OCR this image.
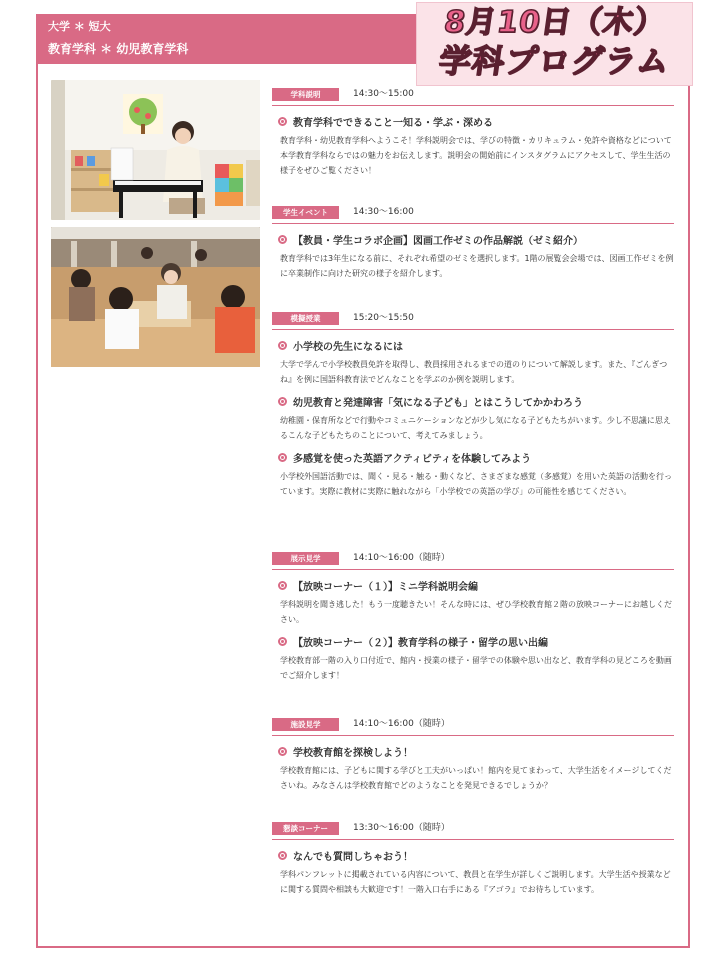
大学 ＊ 短大
教育学科 ＊ 幼児教育学科
8月10日（木）
学科プログラム
学科説明	14:30〜15:00
教育学科でできること一知る・学ぶ・深める
教育学科・幼児教育学科へようこそ！学科説明会では、学びの特徴・カリキュラム・免許や資格などについて本学教育学科ならではの魅力をお伝えします。説明会の開始前にインスタグラムにアクセスして、学生生活の様子をぜひご覧ください！
学生イベント	14:30〜16:00
【教員・学生コラボ企画】図画工作ゼミの作品解説（ゼミ紹介）
教育学科では3年生になる前に、それぞれ希望のゼミを選択します。1階の展覧会会場では、図画工作ゼミを例に卒業制作に向けた研究の様子を紹介します。
模擬授業	15:20〜15:50
小学校の先生になるには
大学で学んで小学校教員免許を取得し、教員採用されるまでの道のりについて解説します。また、『ごんぎつね』を例に国語科教育法でどんなことを学ぶのか例を説明します。
幼児教育と発達障害「気になる子ども」とはこうしてかかわろう
幼稚園・保育所などで行動やコミュニケーションなどが少し気になる子どもたちがいます。少し不思議に思えるこんな子どもたちのことについて、考えてみましょう。
多感覚を使った英語アクティビティを体験してみよう
小学校外国語活動では、聞く・見る・触る・動くなど、さまざまな感覚（多感覚）を用いた英語の活動を行っています。実際に教材に実際に触れながら「小学校での英語の学び」の可能性を感じてください。
展示見学	14:10〜16:00（随時）
【放映コーナー（１）】ミニ学科説明会編
学科説明を聞き逃した！もう一度聴きたい！そんな時には、ぜひ学校教育館２階の放映コーナーにお越しください。
【放映コーナー（２）】教育学科の様子・留学の思い出編
学校教育部一階の入り口付近で、館内・授業の様子・留学での体験や思い出など、教育学科の見どころを動画でご紹介します！
施設見学	14:10〜16:00（随時）
学校教育館を探検しよう！
学校教育館には、子どもに関する学びと工夫がいっぱい！館内を見てまわって、大学生活をイメージしてくださいね。みなさんは学校教育館でどのようなことを発見できるでしょうか？
懇談コーナー	13:30〜16:00（随時）
なんでも質問しちゃおう！
学科パンフレットに掲載されている内容について、教員と在学生が詳しくご説明します。大学生活や授業などに関する質問や相談も大歓迎です！一階入口右手にある『アゴラ』でお待ちしています。
